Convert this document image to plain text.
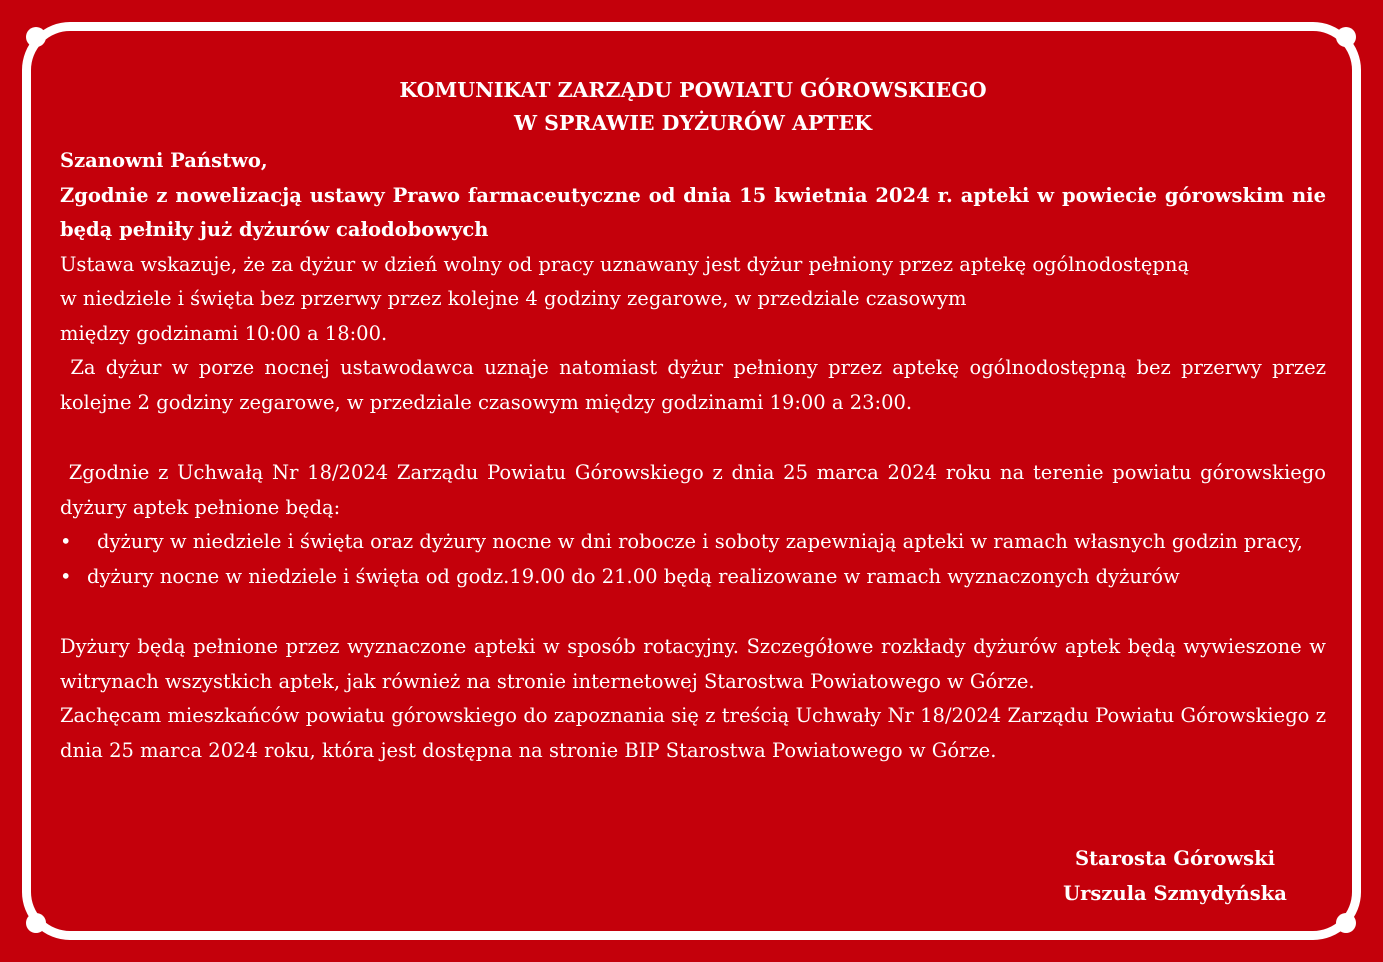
KOMUNIKAT ZARZĄDU POWIATU GÓROWSKIEGO
W SPRAWIE DYŻURÓW APTEK

Szanowni Państwo,

Zgodnie z nowelizacją ustawy Prawo farmaceutyczne od dnia 15 kwietnia 2024 r. apteki w powiecie górowskim nie będą pełniły już dyżurów całodobowych

Ustawa wskazuje, że za dyżur w dzień wolny od pracy uznawany jest dyżur pełniony przez aptekę ogólnodostępną

w niedziele i święta bez przerwy przez kolejne 4 godziny zegarowe, w przedziale czasowym

między godzinami 10:00 a 18:00.

Za dyżur w porze nocnej ustawodawca uznaje natomiast dyżur pełniony przez aptekę ogólnodostępną bez przerwy przez kolejne 2 godziny zegarowe, w przedziale czasowym między godzinami 19:00 a 23:00.

Zgodnie z Uchwałą Nr 18/2024 Zarządu Powiatu Górowskiego z dnia 25 marca 2024 roku na terenie powiatu górowskiego dyżury aptek pełnione będą:

• dyżury w niedziele i święta oraz dyżury nocne w dni robocze i soboty zapewniają apteki w ramach własnych godzin pracy,
• dyżury nocne w niedziele i święta od godz.19.00 do 21.00 będą realizowane w ramach wyznaczonych dyżurów

Dyżury będą pełnione przez wyznaczone apteki w sposób rotacyjny. Szczegółowe rozkłady dyżurów aptek będą wywieszone w witrynach wszystkich aptek, jak również na stronie internetowej Starostwa Powiatowego w Górze.

Zachęcam mieszkańców powiatu górowskiego do zapoznania się z treścią Uchwały Nr 18/2024 Zarządu Powiatu Górowskiego z dnia 25 marca 2024 roku, która jest dostępna na stronie BIP Starostwa Powiatowego w Górze.

Starosta Górowski
Urszula Szmydyńska
